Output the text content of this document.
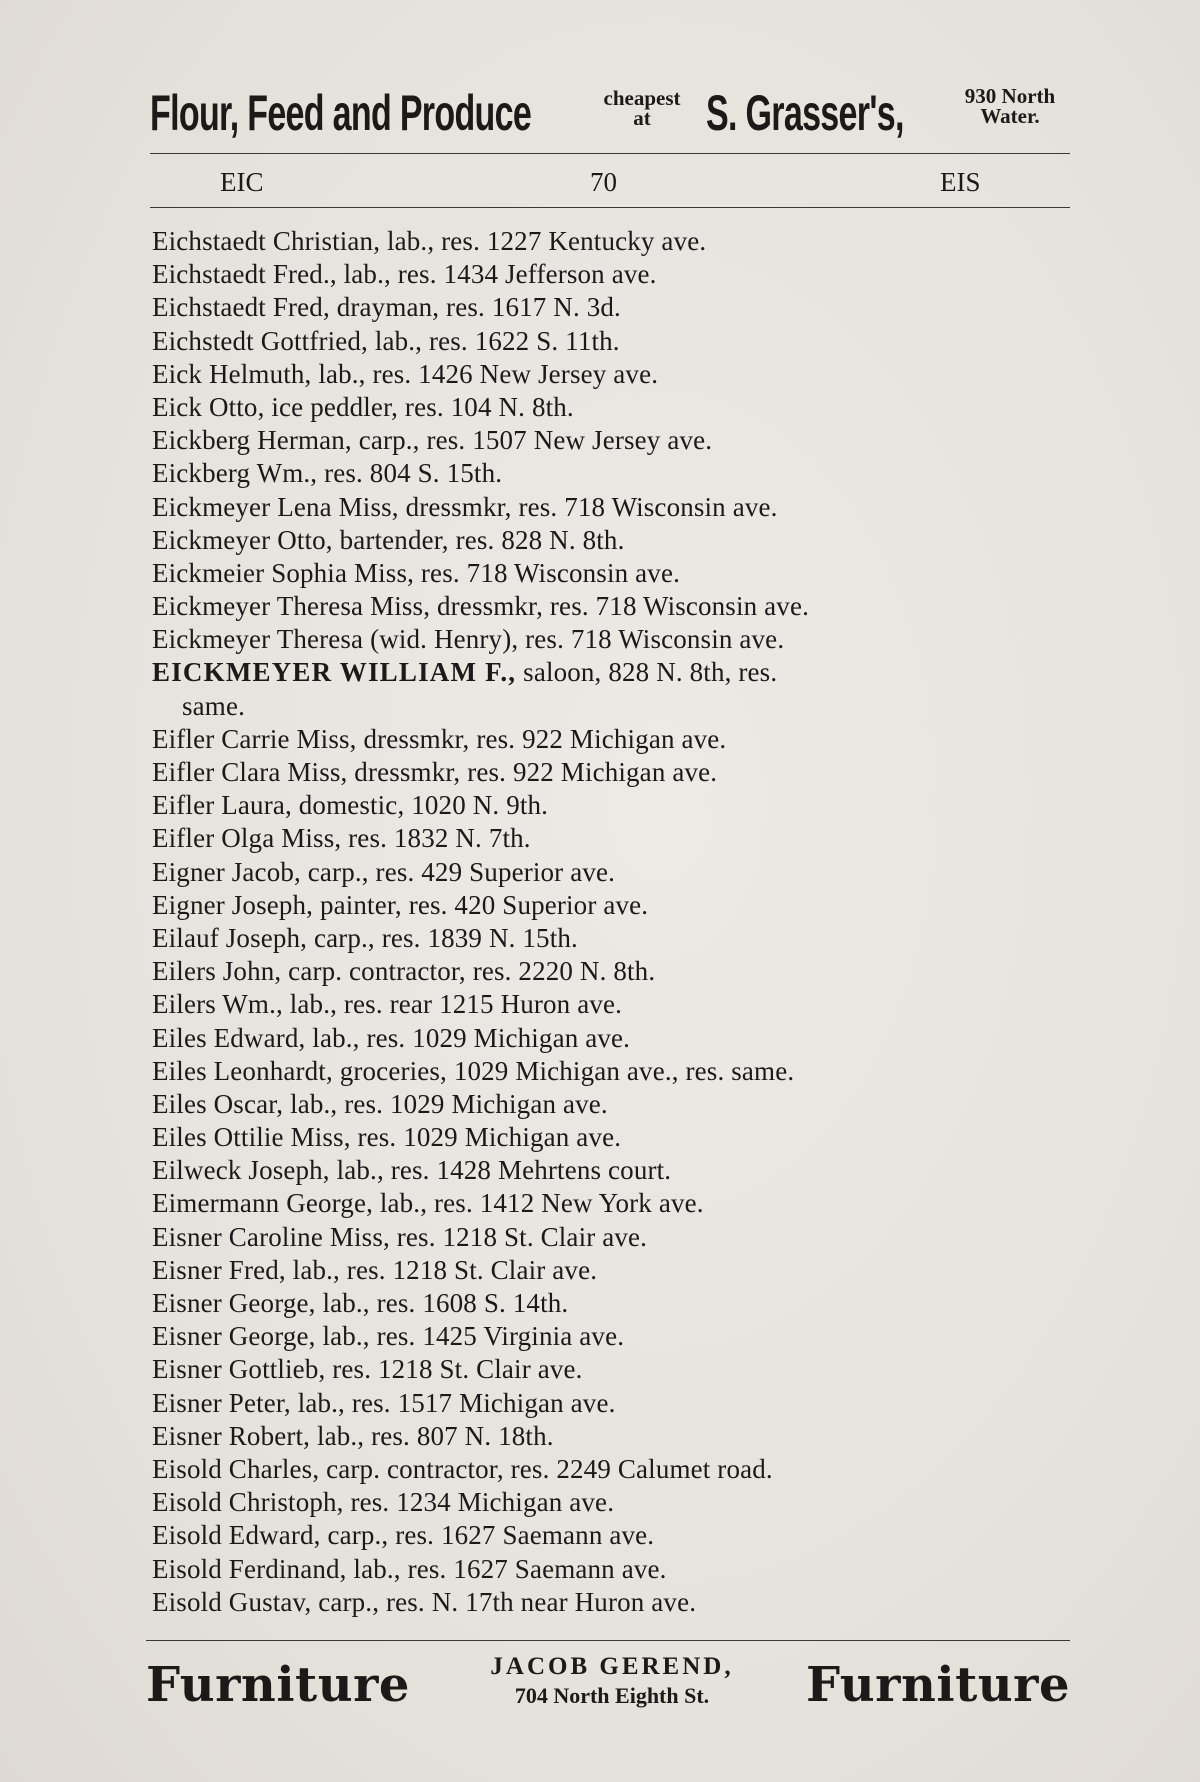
Flour, Feed and Produce	cheapest
at	S. Grasser's,	930 North
Water.
EIC	70	EIS
Eichstaedt Christian, lab., res. 1227 Kentucky ave.
Eichstaedt Fred., lab., res. 1434 Jefferson ave.
Eichstaedt Fred, drayman, res. 1617 N. 3d.
Eichstedt Gottfried, lab., res. 1622 S. 11th.
Eick Helmuth, lab., res. 1426 New Jersey ave.
Eick Otto, ice peddler, res. 104 N. 8th.
Eickberg Herman, carp., res. 1507 New Jersey ave.
Eickberg Wm., res. 804 S. 15th.
Eickmeyer Lena Miss, dressmkr, res. 718 Wisconsin ave.
Eickmeyer Otto, bartender, res. 828 N. 8th.
Eickmeier Sophia Miss, res. 718 Wisconsin ave.
Eickmeyer Theresa Miss, dressmkr, res. 718 Wisconsin ave.
Eickmeyer Theresa (wid. Henry), res. 718 Wisconsin ave.
EICKMEYER WILLIAM F., saloon, 828 N. 8th, res.
same.
Eifler Carrie Miss, dressmkr, res. 922 Michigan ave.
Eifler Clara Miss, dressmkr, res. 922 Michigan ave.
Eifler Laura, domestic, 1020 N. 9th.
Eifler Olga Miss, res. 1832 N. 7th.
Eigner Jacob, carp., res. 429 Superior ave.
Eigner Joseph, painter, res. 420 Superior ave.
Eilauf Joseph, carp., res. 1839 N. 15th.
Eilers John, carp. contractor, res. 2220 N. 8th.
Eilers Wm., lab., res. rear 1215 Huron ave.
Eiles Edward, lab., res. 1029 Michigan ave.
Eiles Leonhardt, groceries, 1029 Michigan ave., res. same.
Eiles Oscar, lab., res. 1029 Michigan ave.
Eiles Ottilie Miss, res. 1029 Michigan ave.
Eilweck Joseph, lab., res. 1428 Mehrtens court.
Eimermann George, lab., res. 1412 New York ave.
Eisner Caroline Miss, res. 1218 St. Clair ave.
Eisner Fred, lab., res. 1218 St. Clair ave.
Eisner George, lab., res. 1608 S. 14th.
Eisner George, lab., res. 1425 Virginia ave.
Eisner Gottlieb, res. 1218 St. Clair ave.
Eisner Peter, lab., res. 1517 Michigan ave.
Eisner Robert, lab., res. 807 N. 18th.
Eisold Charles, carp. contractor, res. 2249 Calumet road.
Eisold Christoph, res. 1234 Michigan ave.
Eisold Edward, carp., res. 1627 Saemann ave.
Eisold Ferdinand, lab., res. 1627 Saemann ave.
Eisold Gustav, carp., res. N. 17th near Huron ave.
Furniture	JACOB GEREND,
704 North Eighth St.	Furniture
